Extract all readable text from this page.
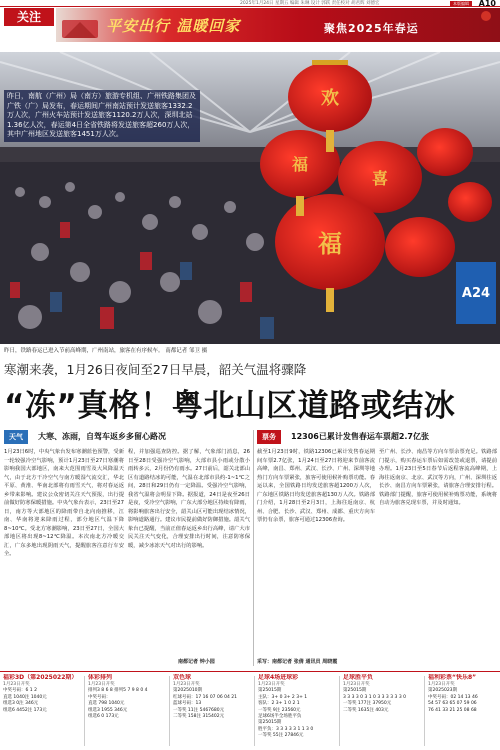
关注
2025年1月24日 星期五 编辑 朱琳 设计 郭跃 责任校对 胡君辉 刘德宏	本版编辑	A10
平安出行 温暖回家	聚焦2025年春运
欢
福
喜
福
A24
昨日，南航（广州）局（南方）旅游专机组、广州铁路集团及广铁（广）局发布，春运期间广州南站预计发送旅客1332.2万人次，广州火车站预计发送旅客1120.2万人次，深圳北站1.36亿人次，春运第4日全省铁路将发送旅客超260万人次，其中广州地区发送旅客1451万人次。
昨日，铁路春运已进入节前高峰期，广州南站，旅客在有序候车。 南都记者 邹卫 摄
寒潮来袭，1月26日夜间至27日早晨，韶关气温将骤降
“冻”真格！粤北山区道路或结冰
天气	大寒、冻雨，自驾车返乡多留心路况
1月23日6时，中央气象台发布寒潮蓝色预警，受新一轮较强冷空气影响，预计1月23日至27日寒潮将影响我国大部地区，南来大范围雨雪及大风降温天气，由于北方干冷空气与南方暖湿气流交汇，华北平原、黄淮、华南北部将有雨雪天气，将对春运返乡带来影响。建议公众密切关注天气预报，出行提前做好防寒保暖措施。中央气象台表示，23日至27日，南方等大部地区的降雨带自北向南推移，江南、华南将迎来降雨过程，部分地区气温下降8~10℃。受北方寒潮影响，23日至27日，全国大部地区将出现8~12℃降温。本次南北方冷暖交汇，广东多地出现阴雨天气，提醒旅客注意行车安全。
程，并加强巡查防控。据了解，气象部门消息，26日至28日受强冷空气影响，大部市县小雨或分散小雨转多云，2月份仍有雨水。27日前后，韶关北部山区有道路结冰的可能，气温在北部市县约-1~1℃之间，28日和29日仍有一定降温。受强冷空气影响，我省气温将会明显下降。据报道，24日是夜至26日是夜，受冷空气影响，广东大部分地区持续有降雨，将影响旅客出行安全，韶关山区可能出现结冰情况，影响道路通行。建议市民提前做好防御措施。韶关气象台已提醒，当前正值春运返乡出行高峰，请广大市民关注天气变化，合理安排出行时间，注意防寒保暖，减少冰冻天气对出行的影响。
南都记者 钟小园
票务	12306已累计发售春运车票超2.7亿张
截至1月23日9时，铁路12306已累计发售春运期间车票2.7亿张，1月24日至27日将迎来节前客流高峰，南昌、郑州、武汉、长沙、广州、深圳等地热门方向车票紧张，旅客可使用候补购票功能。春运以来，全国铁路日均发送旅客超1200万人次，广东地区铁路日均发送旅客超130万人次。铁路部门介绍，1月28日至2月3日，上海往返南京、杭州、合肥、长沙、武汉、郑州、成都、重庆方向车票仍有余票，旅客可通过12306查询。
至广州、长沙、南昌等方向车票余票充足。铁路部门提示，购买春运车票后如需改签或退票，请提前办理。1月23日至5日春节后返程客流高峰期，上海往返南京、北京、武汉等方向，广州、深圳往返长沙、南昌方向车票紧张，请旅客合理安排行程。铁路部门提醒，旅客可使用候补购票功能，系统将自动为旅客兑现车票，并及时通知。
采写：南都记者 张倩 通讯员 周晓霞
福彩3D（第2025022期）
1月23日开奖
中奖号码：6 1 2
直选 1040注 1040元
组选3 0注 346元
组选6 4452注 173元
体彩排列
1月23日开奖
排列3 8 6 8 排列5 7 9 8 0 4
中奖号码：
直选 798 1040元
组选3 1955 346元
组选6 0 173元
双色球
1月23日开奖
第2025010期
红球号码：17 16 07 06 04 21
蓝球号码：13
一等奖 11注 5467680元
二等奖 158注 315402元
足球4场进球彩
1月23日开奖
第25015期
主队：3+ 0 3+ 2 3+ 1
客队：2 3+ 1 0 2 1
一等奖 9注 23560元
足球6场半全场胜平负
第25015期
胜平负：3 3 3 3 3 1 1 3 0
一等奖 55注 27846元
足球胜平负
1月23日开奖
第25015期
3 3 3 3 0 3 1 0 3 3 3 3 3 3 0
一等奖 177注 37950元
二等奖 1635注 403元
福利彩票“快乐8”
1月23日开奖
第2025023期
中奖号码：02 14 13 46
54 57 63 65 07 59 06
76 41 33 21 25 08 68
